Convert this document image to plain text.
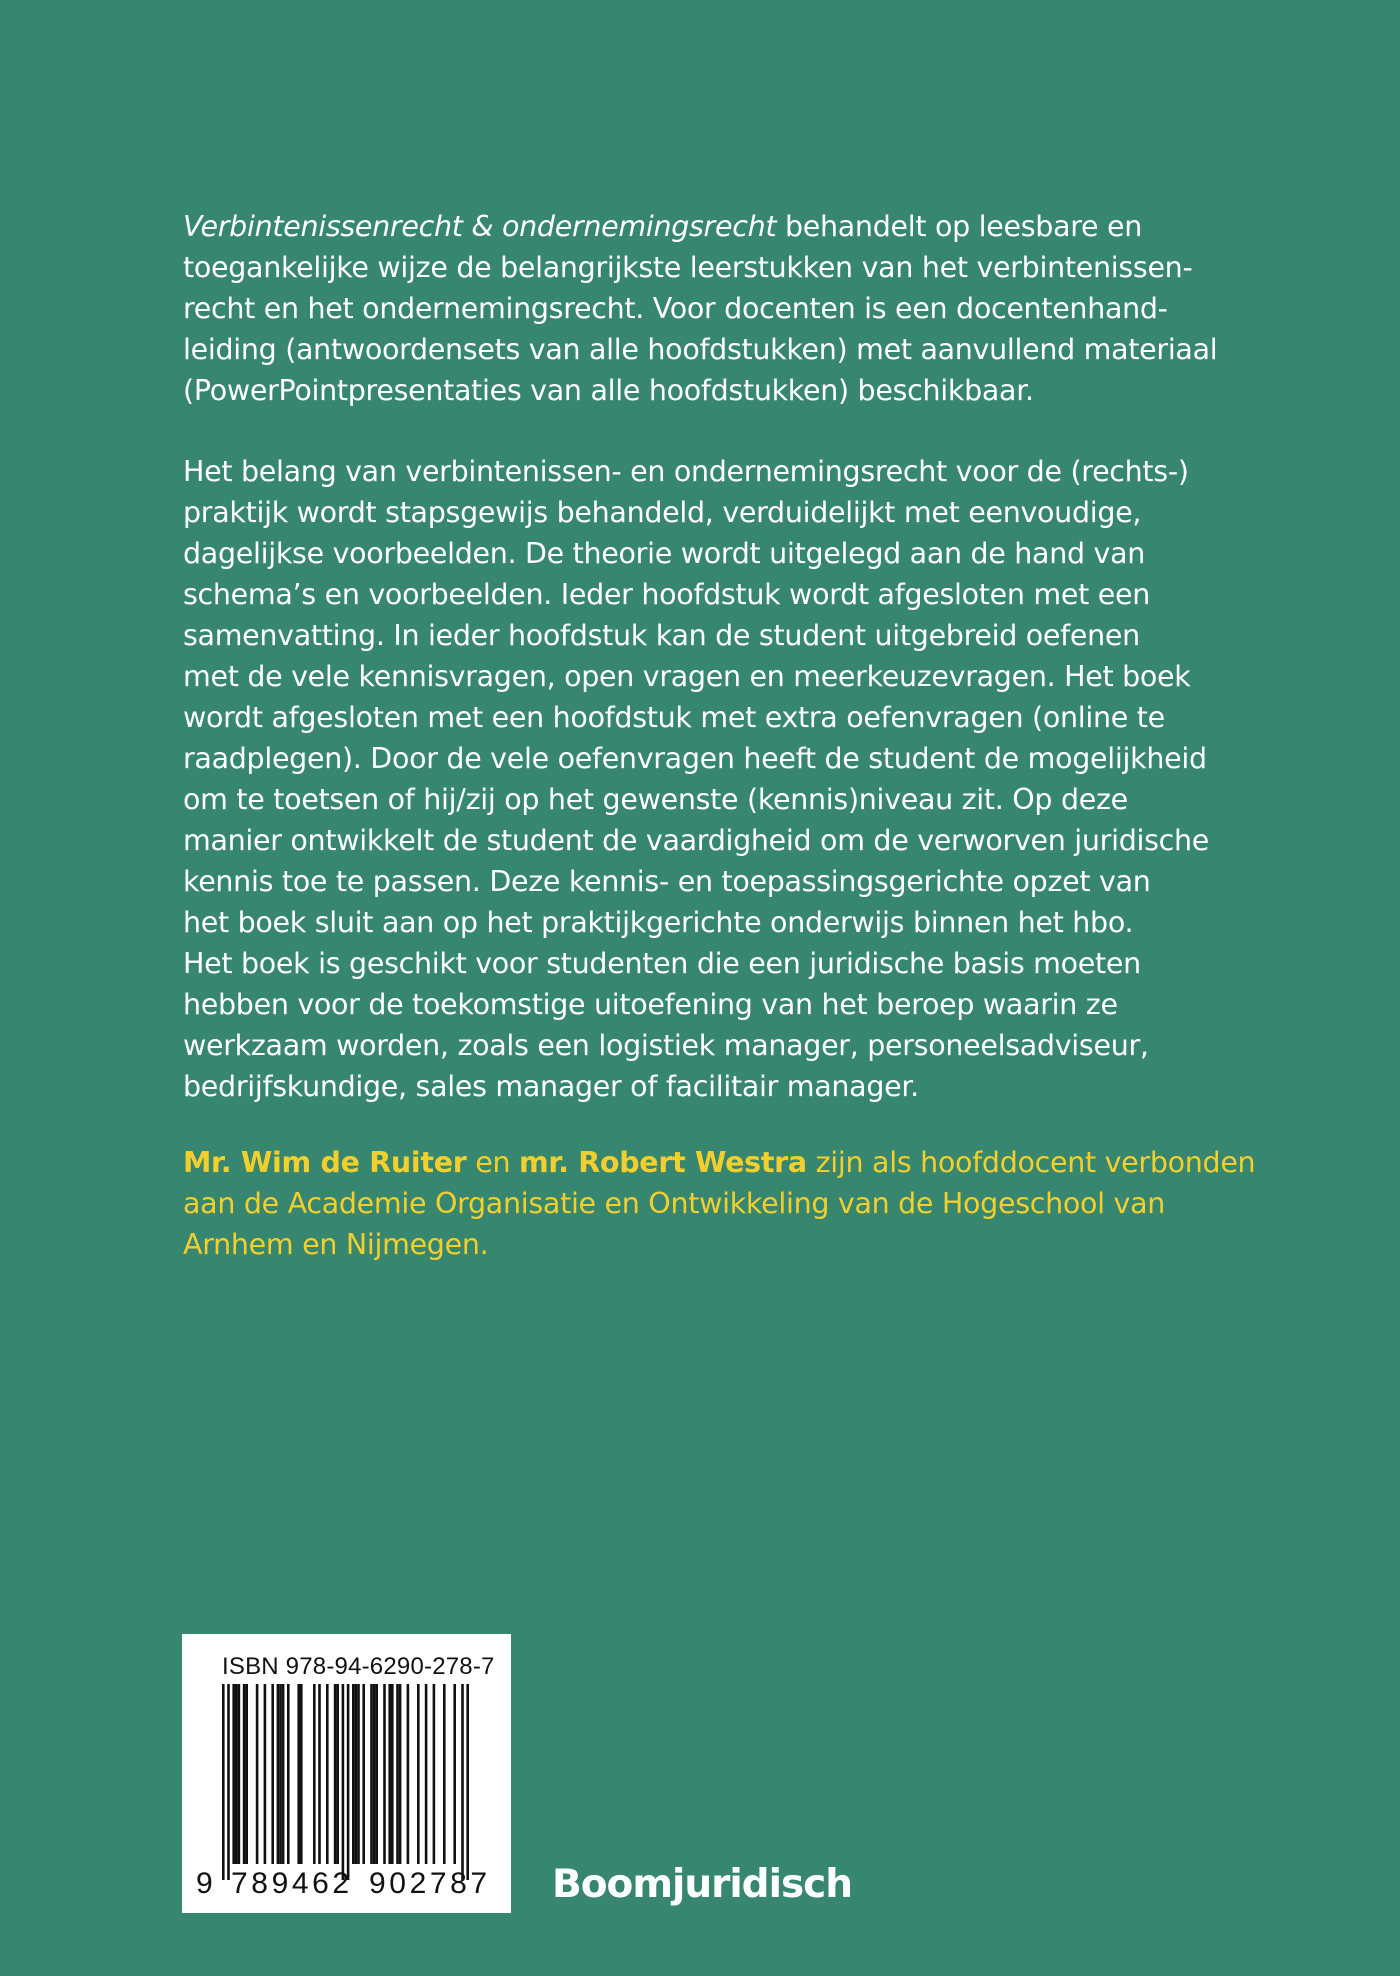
Verbintenissenrecht & ondernemingsrecht behandelt op leesbare en
toegankelijke wijze de belangrijkste leerstukken van het verbintenissen-
recht en het ondernemingsrecht. Voor docenten is een docentenhand-
leiding (antwoordensets van alle hoofdstukken) met aanvullend materiaal
(PowerPointpresentaties van alle hoofdstukken) beschikbaar.
Het belang van verbintenissen- en ondernemingsrecht voor de (rechts-)
praktijk wordt stapsgewijs behandeld, verduidelijkt met eenvoudige,
dagelijkse voorbeelden. De theorie wordt uitgelegd aan de hand van
schema’s en voorbeelden. Ieder hoofdstuk wordt afgesloten met een
samenvatting. In ieder hoofdstuk kan de student uitgebreid oefenen
met de vele kennisvragen, open vragen en meerkeuzevragen. Het boek
wordt afgesloten met een hoofdstuk met extra oefenvragen (online te
raadplegen). Door de vele oefenvragen heeft de student de mogelijkheid
om te toetsen of hij/zij op het gewenste (kennis)niveau zit. Op deze
manier ontwikkelt de student de vaardigheid om de verworven juridische
kennis toe te passen. Deze kennis- en toepassingsgerichte opzet van
het boek sluit aan op het praktijkgerichte onderwijs binnen het hbo.
Het boek is geschikt voor studenten die een juridische basis moeten
hebben voor de toekomstige uitoefening van het beroep waarin ze
werkzaam worden, zoals een logistiek manager, personeelsadviseur,
bedrijfskundige, sales manager of facilitair manager.
Mr. Wim de Ruiter en mr. Robert Westra zijn als hoofddocent verbonden
aan de Academie Organisatie en Ontwikkeling van de Hogeschool van
Arnhem en Nijmegen.
ISBN 978-94-6290-278-7
9 789462 902787 Boomjuridisch
